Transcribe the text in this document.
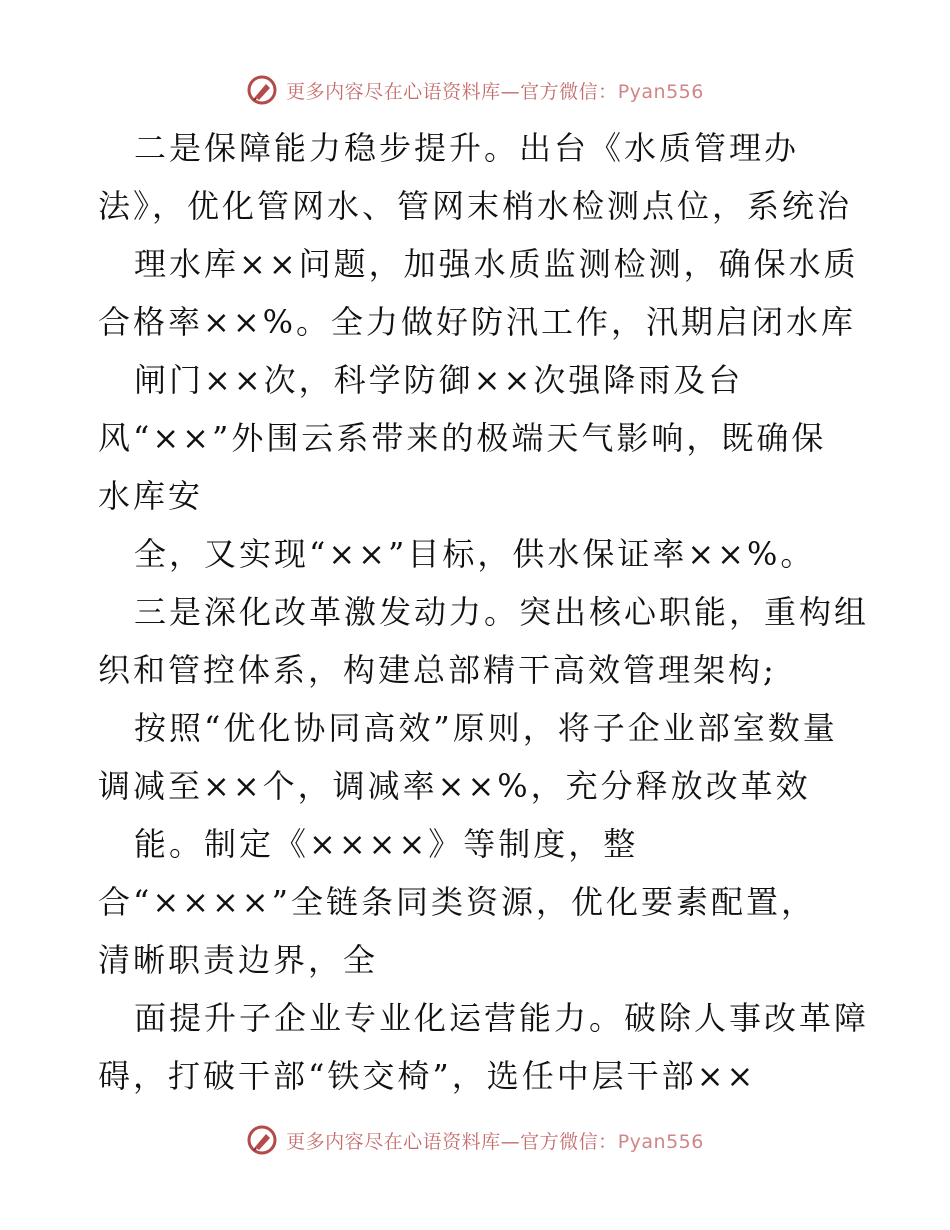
更多内容尽在心语资料库—官方微信：Pyan556
二是保障能力稳步提升。出台《水质管理办
法》，优化管网水、管网末梢水检测点位，系统治
理水库××问题，加强水质监测检测，确保水质
合格率××%。全力做好防汛工作，汛期启闭水库
闸门××次，科学防御××次强降雨及台
风“××”外围云系带来的极端天气影响，既确保
水库安
全，又实现“××”目标，供水保证率××%。
三是深化改革激发动力。突出核心职能，重构组
织和管控体系，构建总部精干高效管理架构;
按照“优化协同高效”原则，将子企业部室数量
调减至××个，调减率××%，充分释放改革效
能。制定《××××》等制度，整
合“××××”全链条同类资源，优化要素配置，
清晰职责边界，全
面提升子企业专业化运营能力。破除人事改革障
碍，打破干部“铁交椅”，选任中层干部××
更多内容尽在心语资料库—官方微信：Pyan556
